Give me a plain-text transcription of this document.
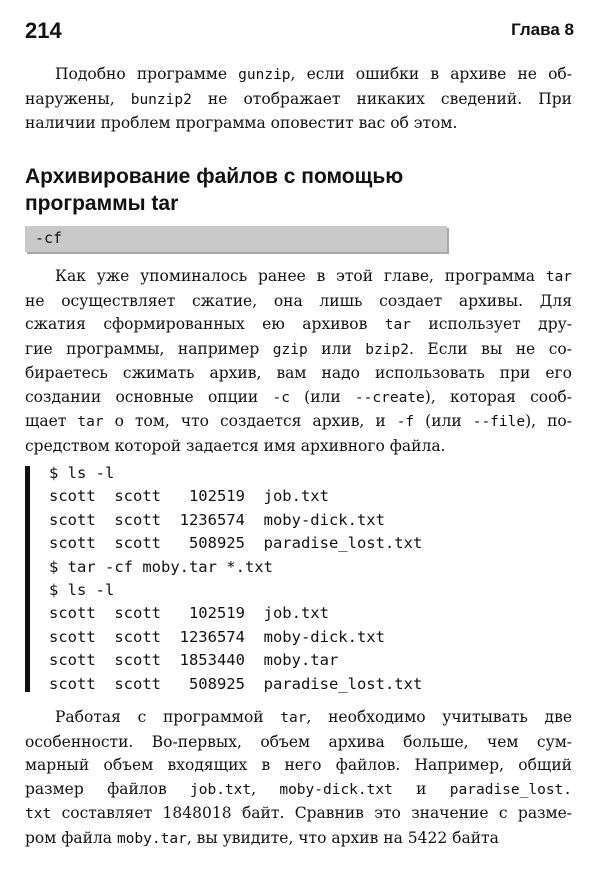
214	Глава 8
Подобно программе gunzip, если ошибки в архиве не об-
наружены, bunzip2 не отображает никаких сведений. При
наличии проблем программа оповестит вас об этом.
Архивирование файлов с помощью
программы tar
-cf
Как уже упоминалось ранее в этой главе, программа tar
не осуществляет сжатие, она лишь создает архивы. Для
сжатия сформированных ею архивов tar использует дру-
гие программы, например gzip или bzip2. Если вы не со-
бираетесь сжимать архив, вам надо использовать при его
создании основные опции -c (или --create), которая сооб-
щает tar о том, что создается архив, и -f (или --file), по-
средством которой задается имя архивного файла.
$ ls -l
scott  scott   102519  job.txt
scott  scott  1236574  moby-dick.txt
scott  scott   508925  paradise_lost.txt
$ tar -cf moby.tar *.txt
$ ls -l
scott  scott   102519  job.txt
scott  scott  1236574  moby-dick.txt
scott  scott  1853440  moby.tar
scott  scott   508925  paradise_lost.txt
Работая с программой tar, необходимо учитывать две
особенности. Во-первых, объем архива больше, чем сум-
марный объем входящих в него файлов. Например, общий
размер файлов job.txt, moby-dick.txt и paradise_lost.
txt составляет 1848018 байт. Сравнив это значение с разме-
ром файла moby.tar, вы увидите, что архив на 5422 байта
